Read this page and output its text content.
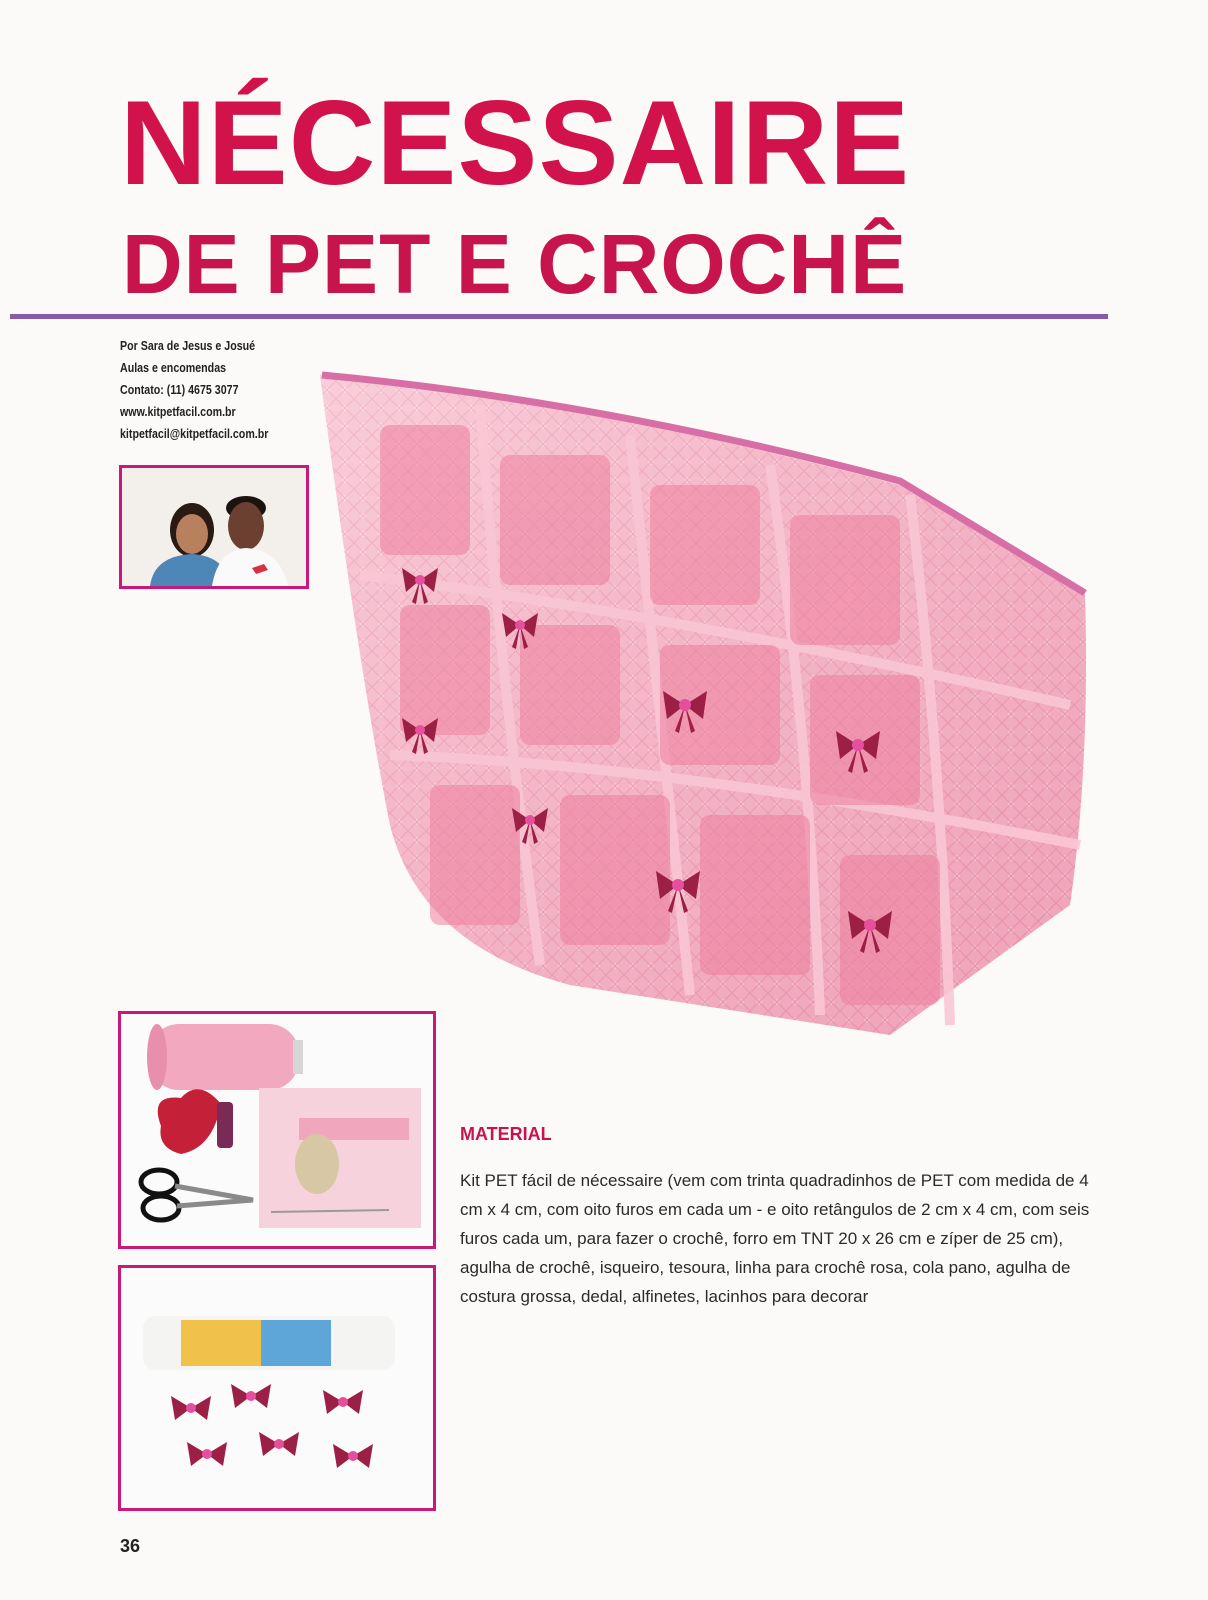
NÉCESSAIRE
DE PET E CROCHÊ
Por Sara de Jesus e Josué
Aulas e encomendas
Contato: (11) 4675 3077
www.kitpetfacil.com.br
kitpetfacil@kitpetfacil.com.br
MATERIAL

Kit PET fácil de nécessaire (vem com trinta quadradinhos de PET com medida de 4 cm x 4 cm, com oito furos em cada um - e oito retângulos de 2 cm x 4 cm, com seis furos cada um, para fazer o crochê, forro em TNT 20 x 26 cm e zíper de 25 cm), agulha de crochê, isqueiro, tesoura, linha para crochê rosa, cola pano, agulha de costura grossa, dedal, alfinetes, lacinhos para decorar

36
